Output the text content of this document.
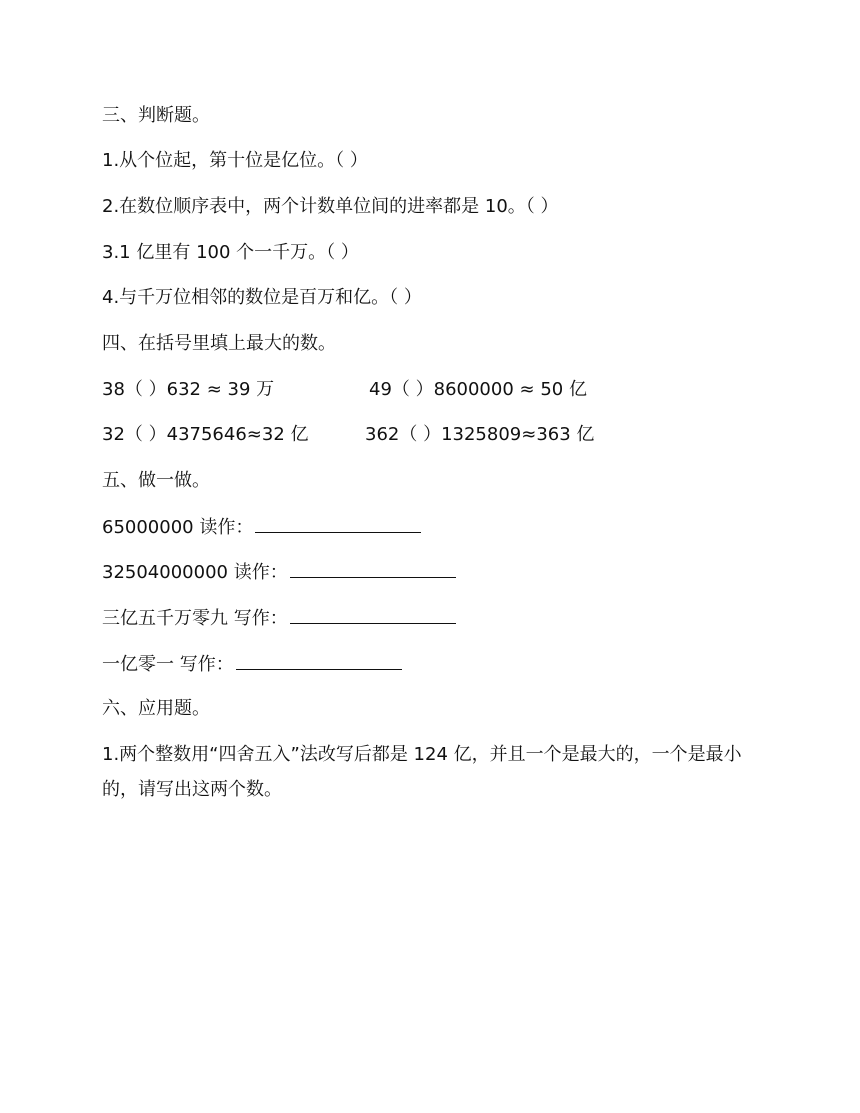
三、判断题。
1.从个位起，第十位是亿位。（ ）
2.在数位顺序表中，两个计数单位间的进率都是 10。（ ）
3.1 亿里有 100 个一千万。（ ）
4.与千万位相邻的数位是百万和亿。（ ）
四、在括号里填上最大的数。
38（ ）632 ≈ 39 万	49（ ）8600000 ≈ 50 亿
32（ ）4375646≈32 亿	362（ ）1325809≈363 亿
五、做一做。
65000000 读作：
32504000000 读作：
三亿五千万零九 写作：
一亿零一 写作：
六、应用题。
1.两个整数用“四舍五入”法改写后都是 124 亿，并且一个是最大的，一个是最小的，请写出这两个数。
